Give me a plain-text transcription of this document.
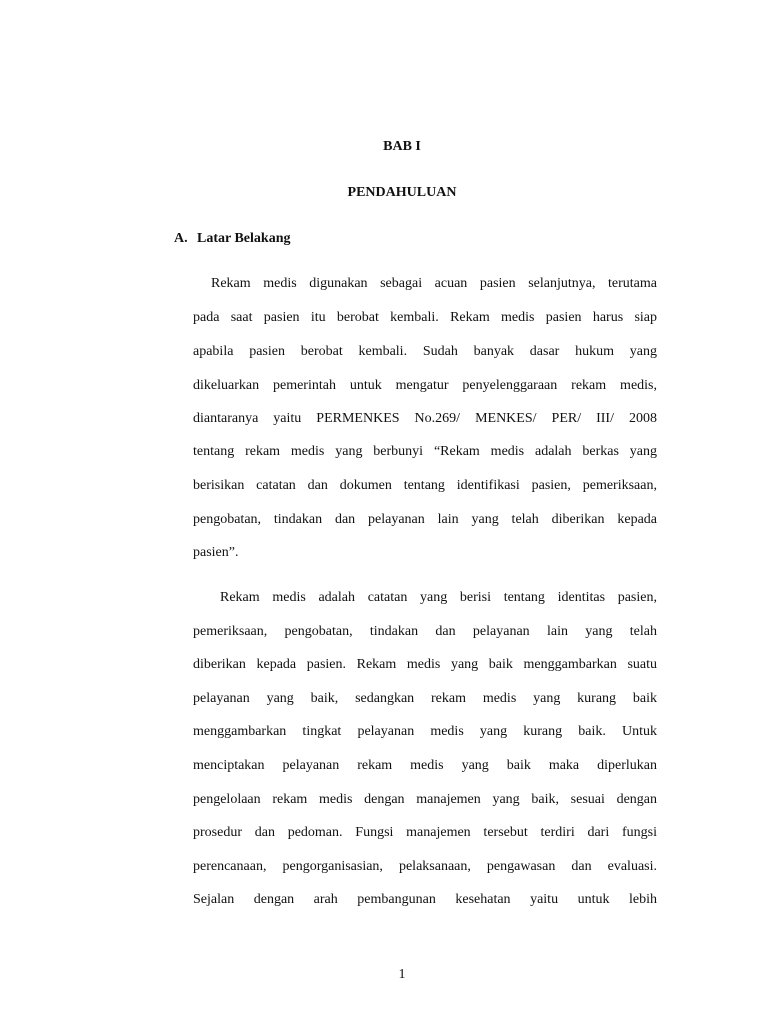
BAB I
PENDAHULUAN
A. Latar Belakang
Rekam medis digunakan sebagai acuan pasien selanjutnya, terutama
pada saat pasien itu berobat kembali. Rekam medis pasien harus siap
apabila pasien berobat kembali. Sudah banyak dasar hukum yang
dikeluarkan pemerintah untuk mengatur penyelenggaraan rekam medis,
diantaranya yaitu PERMENKES No.269/ MENKES/ PER/ III/ 2008
tentang rekam medis yang berbunyi “Rekam medis adalah berkas yang
berisikan catatan dan dokumen tentang identifikasi pasien, pemeriksaan,
pengobatan, tindakan dan pelayanan lain yang telah diberikan kepada
pasien”.
Rekam medis adalah catatan yang berisi tentang identitas pasien,
pemeriksaan, pengobatan, tindakan dan pelayanan lain yang telah
diberikan kepada pasien. Rekam medis yang baik menggambarkan suatu
pelayanan yang baik, sedangkan rekam medis yang kurang baik
menggambarkan tingkat pelayanan medis yang kurang baik. Untuk
menciptakan pelayanan rekam medis yang baik maka diperlukan
pengelolaan rekam medis dengan manajemen yang baik, sesuai dengan
prosedur dan pedoman. Fungsi manajemen tersebut terdiri dari fungsi
perencanaan, pengorganisasian, pelaksanaan, pengawasan dan evaluasi.
Sejalan dengan arah pembangunan kesehatan yaitu untuk lebih
1
